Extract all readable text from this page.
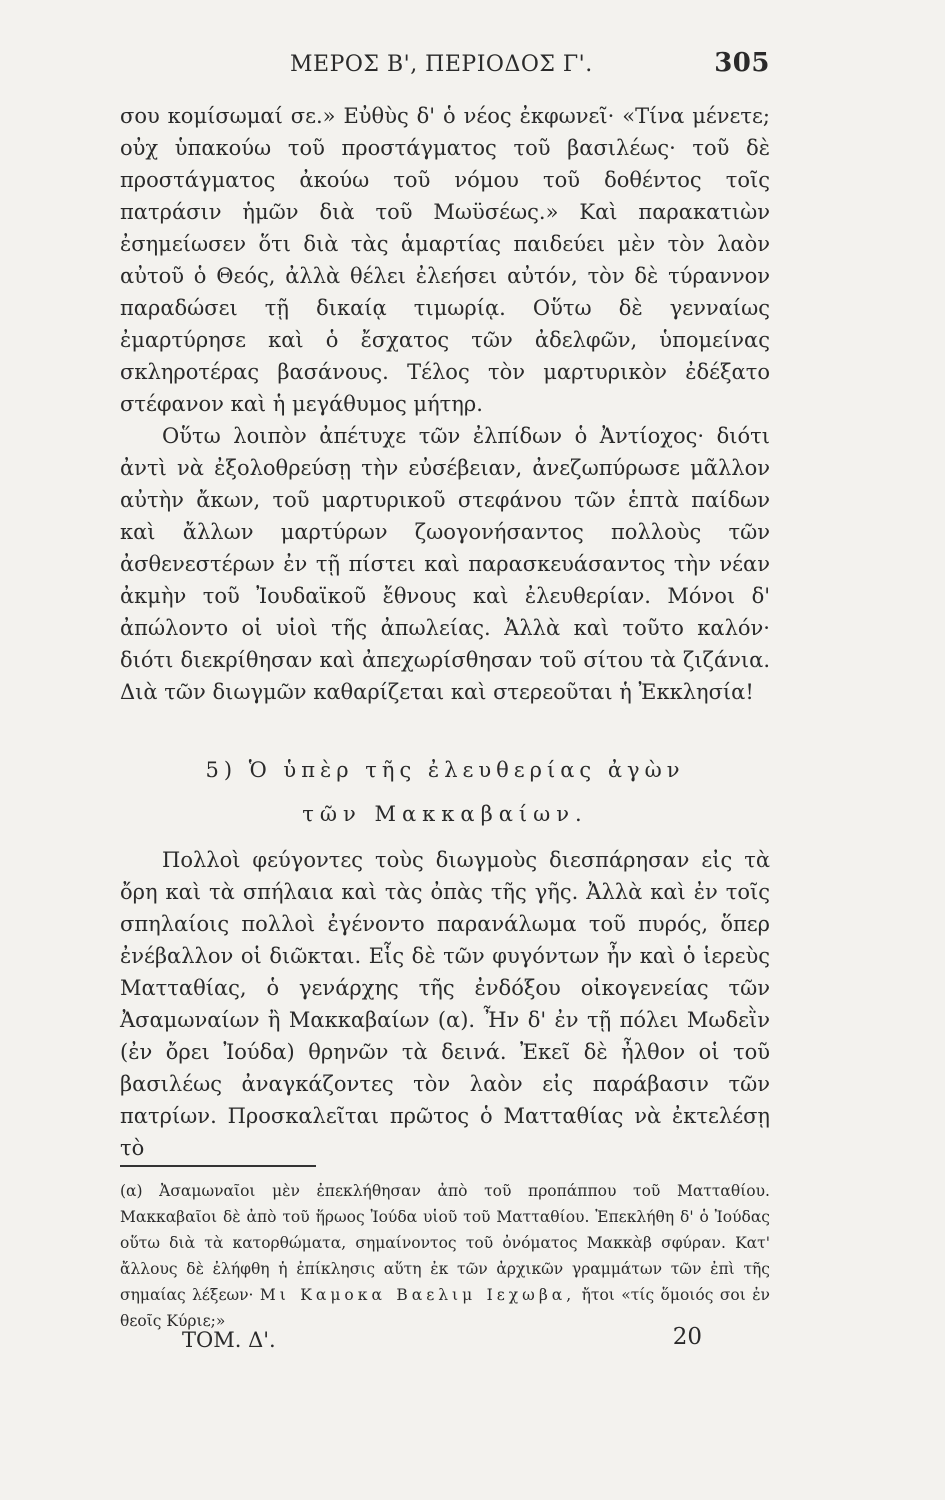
ΜΕΡΟΣ Β', ΠΕΡΙΟΔΟΣ Γ'.	305

σου κομίσωμαί σε.» Εὐθὺς δ' ὁ νέος ἐκφωνεῖ· «Τίνα μένετε; οὐχ ὑπακούω τοῦ προστάγματος τοῦ βασιλέως· τοῦ δὲ προστάγματος ἀκούω τοῦ νόμου τοῦ δοθέντος τοῖς πατράσιν ἡμῶν διὰ τοῦ Μωϋσέως.» Καὶ παρακατιὼν ἐσημείωσεν ὅτι διὰ τὰς ἁμαρτίας παιδεύει μὲν τὸν λαὸν αὐτοῦ ὁ Θεός, ἀλλὰ θέλει ἐλεήσει αὐτόν, τὸν δὲ τύραννον παραδώσει τῇ δικαίᾳ τιμωρίᾳ. Οὕτω δὲ γενναίως ἐμαρτύρησε καὶ ὁ ἔσχατος τῶν ἀδελφῶν, ὑπομείνας σκληροτέρας βασάνους. Τέλος τὸν μαρτυρικὸν ἐδέξατο στέφανον καὶ ἡ μεγάθυμος μήτηρ.

Οὕτω λοιπὸν ἀπέτυχε τῶν ἐλπίδων ὁ Ἀντίοχος· διότι ἀντὶ νὰ ἐξολοθρεύσῃ τὴν εὐσέβειαν, ἀνεζωπύρωσε μᾶλλον αὐτὴν ἄκων, τοῦ μαρτυρικοῦ στεφάνου τῶν ἑπτὰ παίδων καὶ ἄλλων μαρτύρων ζωογονήσαντος πολλοὺς τῶν ἀσθενεστέρων ἐν τῇ πίστει καὶ παρασκευάσαντος τὴν νέαν ἀκμὴν τοῦ Ἰουδαϊκοῦ ἔθνους καὶ ἐλευθερίαν. Μόνοι δ' ἀπώλοντο οἱ υἱοὶ τῆς ἀπωλείας. Ἀλλὰ καὶ τοῦτο καλόν· διότι διεκρίθησαν καὶ ἀπεχωρίσθησαν τοῦ σίτου τὰ ζιζάνια. Διὰ τῶν διωγμῶν καθαρίζεται καὶ στερεοῦται ἡ Ἐκκλησία!

5) Ὁ ὑπὲρ τῆς ἐλευθερίας ἀγὼν
τῶν Μακκαβαίων.

Πολλοὶ φεύγοντες τοὺς διωγμοὺς διεσπάρησαν εἰς τὰ ὄρη καὶ τὰ σπήλαια καὶ τὰς ὀπὰς τῆς γῆς. Ἀλλὰ καὶ ἐν τοῖς σπηλαίοις πολλοὶ ἐγένοντο παρανάλωμα τοῦ πυρός, ὅπερ ἐνέβαλλον οἱ διῶκται. Εἷς δὲ τῶν φυγόντων ἦν καὶ ὁ ἱερεὺς Ματταθίας, ὁ γενάρχης τῆς ἐνδόξου οἰκογενείας τῶν Ἀσαμωναίων ἢ Μακκαβαίων (α). Ἦν δ' ἐν τῇ πόλει Μωδεῒν (ἐν ὄρει Ἰούδα) θρηνῶν τὰ δεινά. Ἐκεῖ δὲ ἦλθον οἱ τοῦ βασιλέως ἀναγκάζοντες τὸν λαὸν εἰς παράβασιν τῶν πατρίων. Προσκαλεῖται πρῶτος ὁ Ματταθίας νὰ ἐκτελέσῃ τὸ

(α) Ἀσαμωναῖοι μὲν ἐπεκλήθησαν ἀπὸ τοῦ προπάππου τοῦ Ματταθίου. Μακκαβαῖοι δὲ ἀπὸ τοῦ ἥρωος Ἰούδα υἱοῦ τοῦ Ματταθίου. Ἐπεκλήθη δ' ὁ Ἰούδας οὕτω διὰ τὰ κατορθώματα, σημαίνοντος τοῦ ὀνόματος Μακκὰβ σφύραν. Κατ' ἄλλους δὲ ἐλήφθη ἡ ἐπίκλησις αὕτη ἐκ τῶν ἀρχικῶν γραμμάτων τῶν ἐπὶ τῆς σημαίας λέξεων· Μι Καμοκα Βαελιμ Ιεχωβα, ἤτοι «τίς ὅμοιός σοι ἐν θεοῖς Κύριε;»
ΤΟΜ. Δ'.	20
